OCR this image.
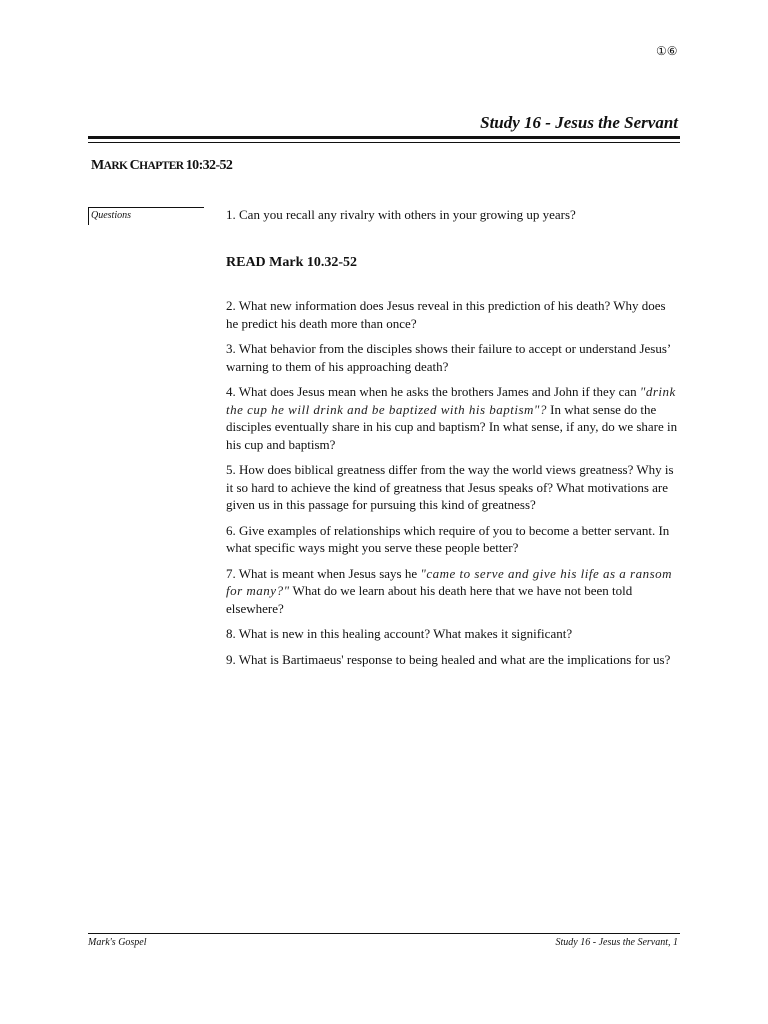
①⑥
Study 16 - Jesus the Servant
MARK CHAPTER 10:32-52
Questions	1. Can you recall any rivalry with others in your growing up years?

READ Mark 10.32-52

2. What new information does Jesus reveal in this prediction of his death? Why does he predict his death more than once?

3. What behavior from the disciples shows their failure to accept or understand Jesus’ warning to them of his approaching death?

4. What does Jesus mean when he asks the brothers James and John if they can "drink the cup he will drink and be baptized with his baptism"? In what sense do the disciples eventually share in his cup and baptism? In what sense, if any, do we share in his cup and baptism?

5. How does biblical greatness differ from the way the world views greatness? Why is it so hard to achieve the kind of greatness that Jesus speaks of? What motivations are given us in this passage for pursuing this kind of greatness?

6. Give examples of relationships which require of you to become a better servant. In what specific ways might you serve these people better?

7. What is meant when Jesus says he "came to serve and give his life as a ransom for many?" What do we learn about his death here that we have not been told elsewhere?

8. What is new in this healing account? What makes it significant?

9. What is Bartimaeus' response to being healed and what are the implications for us?

Mark's Gospel	Study 16 - Jesus the Servant, 1
